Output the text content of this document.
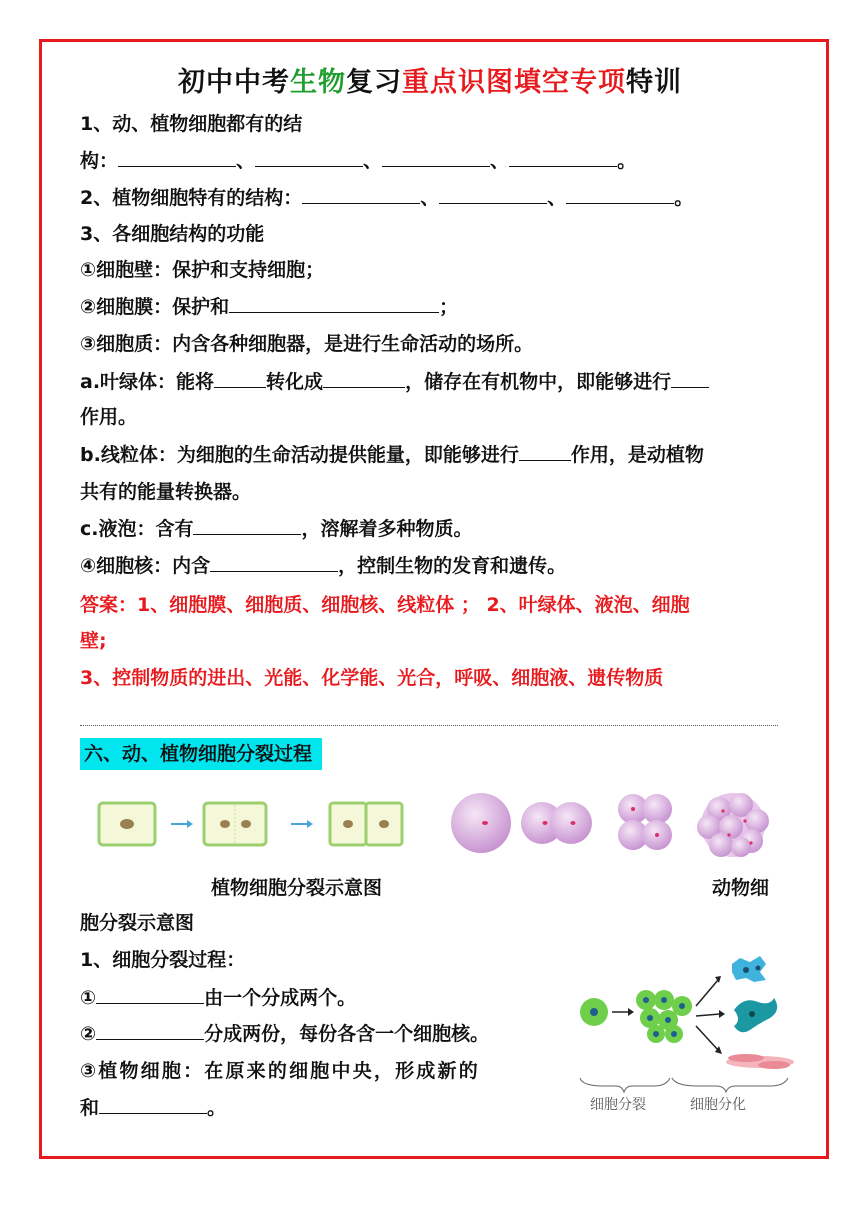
初中中考生物复习重点识图填空专项特训
1、动、植物细胞都有的结
构：	、	、	、	。
2、植物细胞特有的结构：	、	、	。
3、各细胞结构的功能
①细胞壁：保护和支持细胞；
②细胞膜：保护和	；
③细胞质：内含各种细胞器，是进行生命活动的场所。
a.叶绿体：能将	转化成	，储存在有机物中，即能够进行
作用。
b.线粒体：为细胞的生命活动提供能量，即能够进行	作用，是动植物
共有的能量转换器。
c.液泡：含有	，溶解着多种物质。
④细胞核：内含	，控制生物的发育和遗传。
答案：1、细胞膜、细胞质、细胞核、线粒体 ； 2、叶绿体、液泡、细胞
壁;
3、控制物质的进出、光能、化学能、光合，呼吸、细胞液、遗传物质
六、动、植物细胞分裂过程
植物细胞分裂示意图	动物细
胞分裂示意图
1、细胞分裂过程：
①	由一个分成两个。
②	分成两份，每份各含一个细胞核。
③植物细胞：在原来的细胞中央，形成新的
和	。	细胞分裂	细胞分化
